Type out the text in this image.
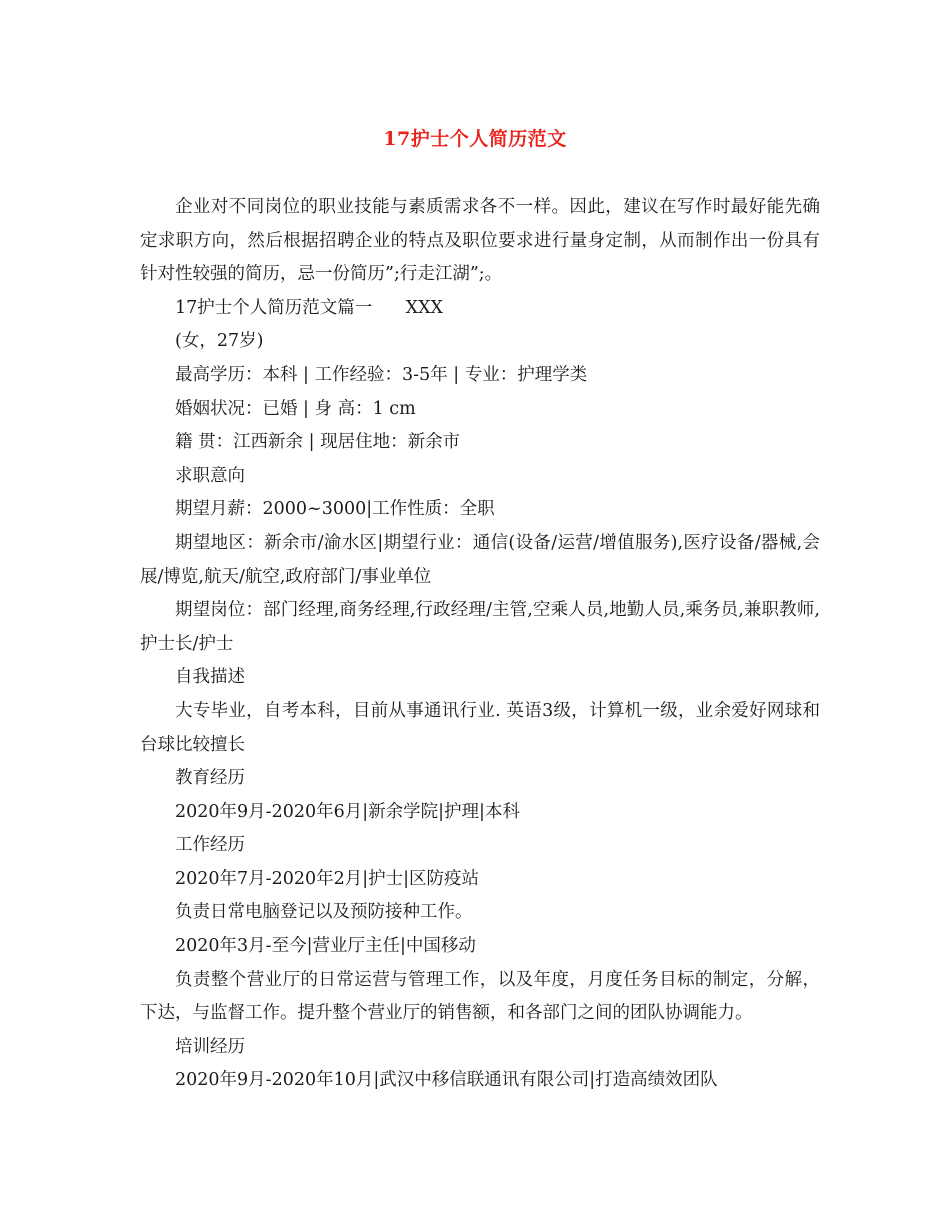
17护士个人简历范文

企业对不同岗位的职业技能与素质需求各不一样。因此，建议在写作时最好能先确定求职方向，然后根据招聘企业的特点及职位要求进行量身定制，从而制作出一份具有针对性较强的简历，忌一份简历”;行走江湖”;。

17护士个人简历范文篇一      XXX

(女，27岁)

最高学历：本科 | 工作经验：3-5年 | 专业：护理学类

婚姻状况：已婚 | 身 高：1 cm

籍 贯：江西新余 | 现居住地：新余市

求职意向

期望月薪：2000~3000|工作性质：全职

期望地区：新余市/渝水区|期望行业：通信(设备/运营/增值服务),医疗设备/器械,会展/博览,航天/航空,政府部门/事业单位

期望岗位：部门经理,商务经理,行政经理/主管,空乘人员,地勤人员,乘务员,兼职教师,护士长/护士

自我描述

大专毕业，自考本科，目前从事通讯行业. 英语3级，计算机一级，业余爱好网球和台球比较擅长

教育经历

2020年9月-2020年6月|新余学院|护理|本科

工作经历

2020年7月-2020年2月|护士|区防疫站

负责日常电脑登记以及预防接种工作。

2020年3月-至今|营业厅主任|中国移动

负责整个营业厅的日常运营与管理工作，以及年度，月度任务目标的制定，分解，下达，与监督工作。提升整个营业厅的销售额，和各部门之间的团队协调能力。

培训经历

2020年9月-2020年10月|武汉中移信联通讯有限公司|打造高绩效团队
